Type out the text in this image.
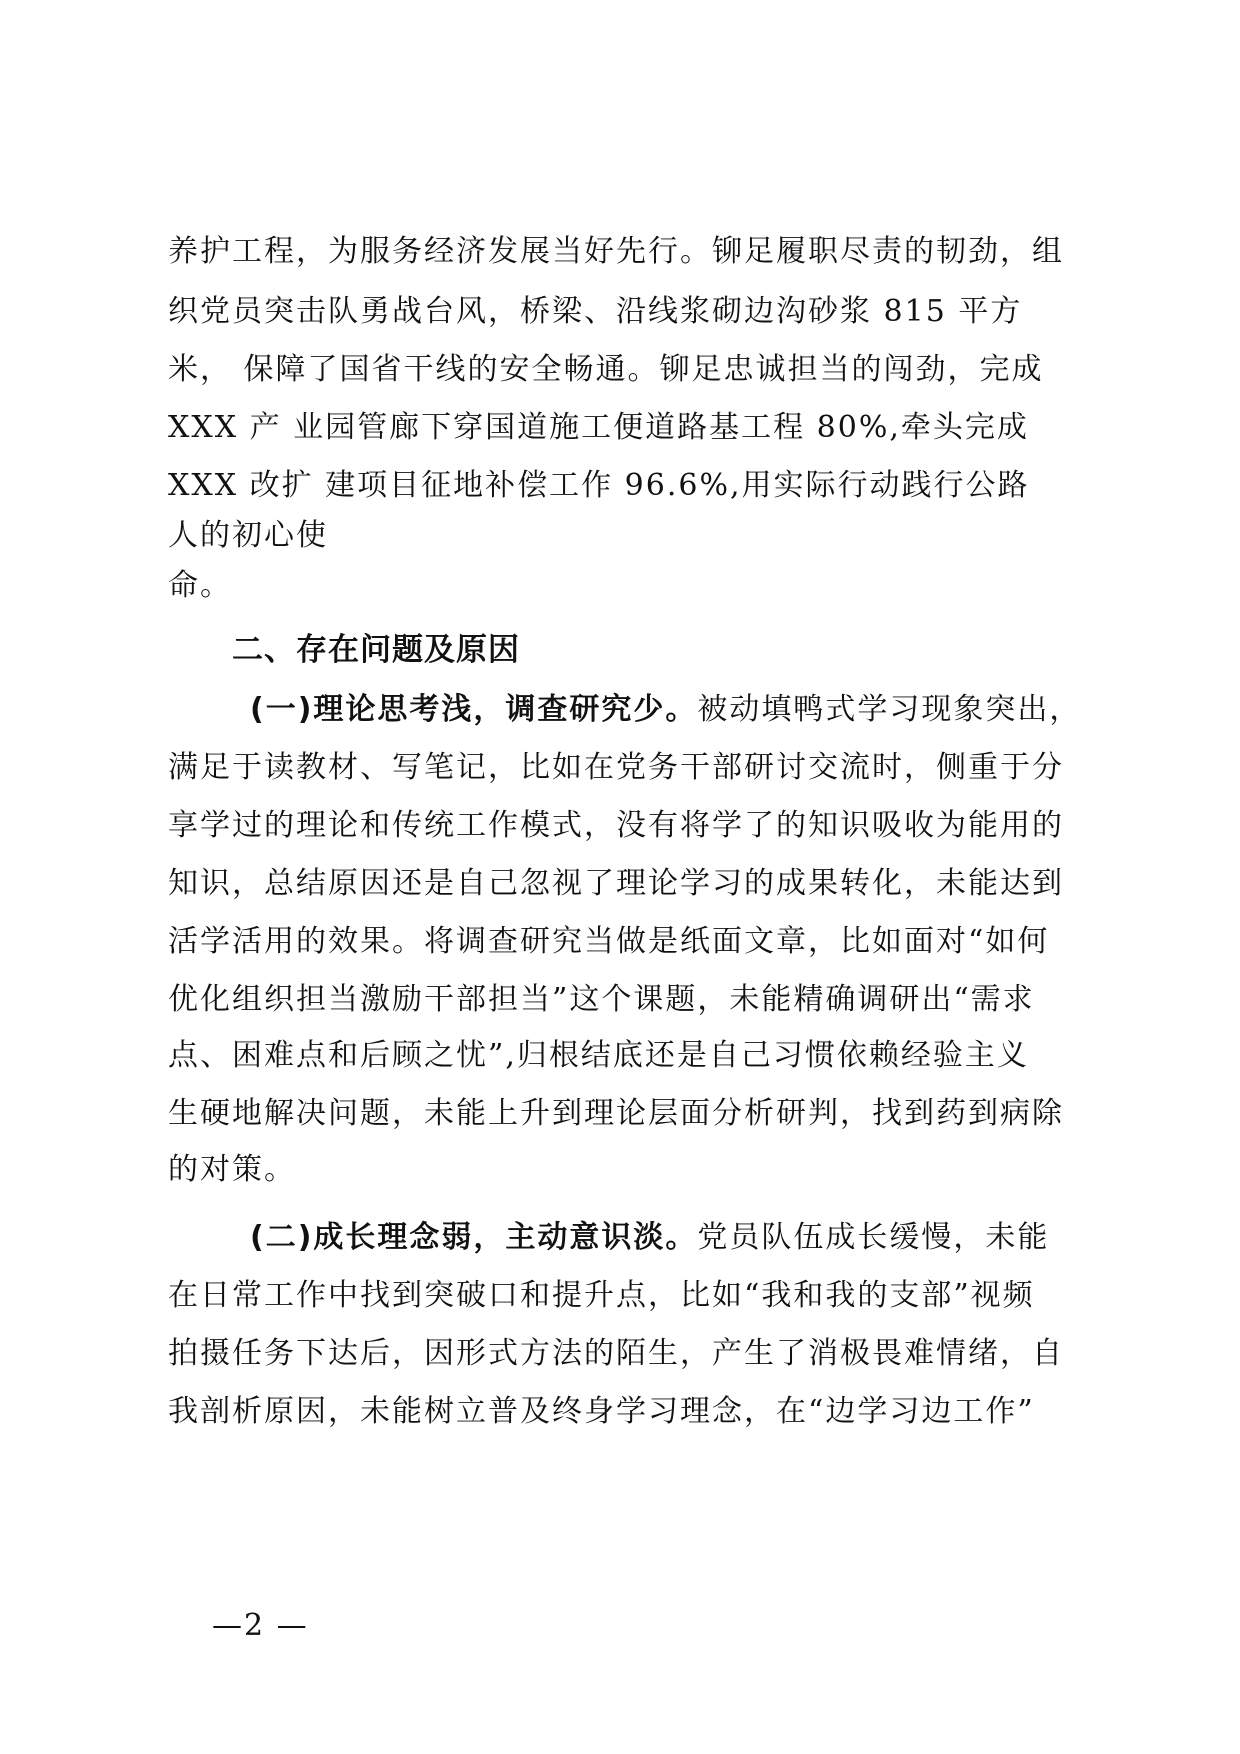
养护工程，为服务经济发展当好先行。铆足履职尽责的韧劲，组
织党员突击队勇战台风，桥梁、沿线浆砌边沟砂浆 815 平方
米， 保障了国省干线的安全畅通。铆足忠诚担当的闯劲，完成
XXX 产 业园管廊下穿国道施工便道路基工程 80%,牵头完成
XXX 改扩 建项目征地补偿工作 96.6%,用实际行动践行公路
人的初心使
命。
二、存在问题及原因
(一)理论思考浅，调查研究少。被动填鸭式学习现象突出，
满足于读教材、写笔记，比如在党务干部研讨交流时，侧重于分
享学过的理论和传统工作模式，没有将学了的知识吸收为能用的
知识，总结原因还是自己忽视了理论学习的成果转化，未能达到
活学活用的效果。将调查研究当做是纸面文章，比如面对“如何
优化组织担当激励干部担当”这个课题，未能精确调研出“需求
点、困难点和后顾之忧”,归根结底还是自己习惯依赖经验主义
生硬地解决问题，未能上升到理论层面分析研判，找到药到病除
的对策。
(二)成长理念弱，主动意识淡。党员队伍成长缓慢，未能
在日常工作中找到突破口和提升点，比如“我和我的支部”视频
拍摄任务下达后，因形式方法的陌生，产生了消极畏难情绪，自
我剖析原因，未能树立普及终身学习理念，在“边学习边工作”
—2 —
